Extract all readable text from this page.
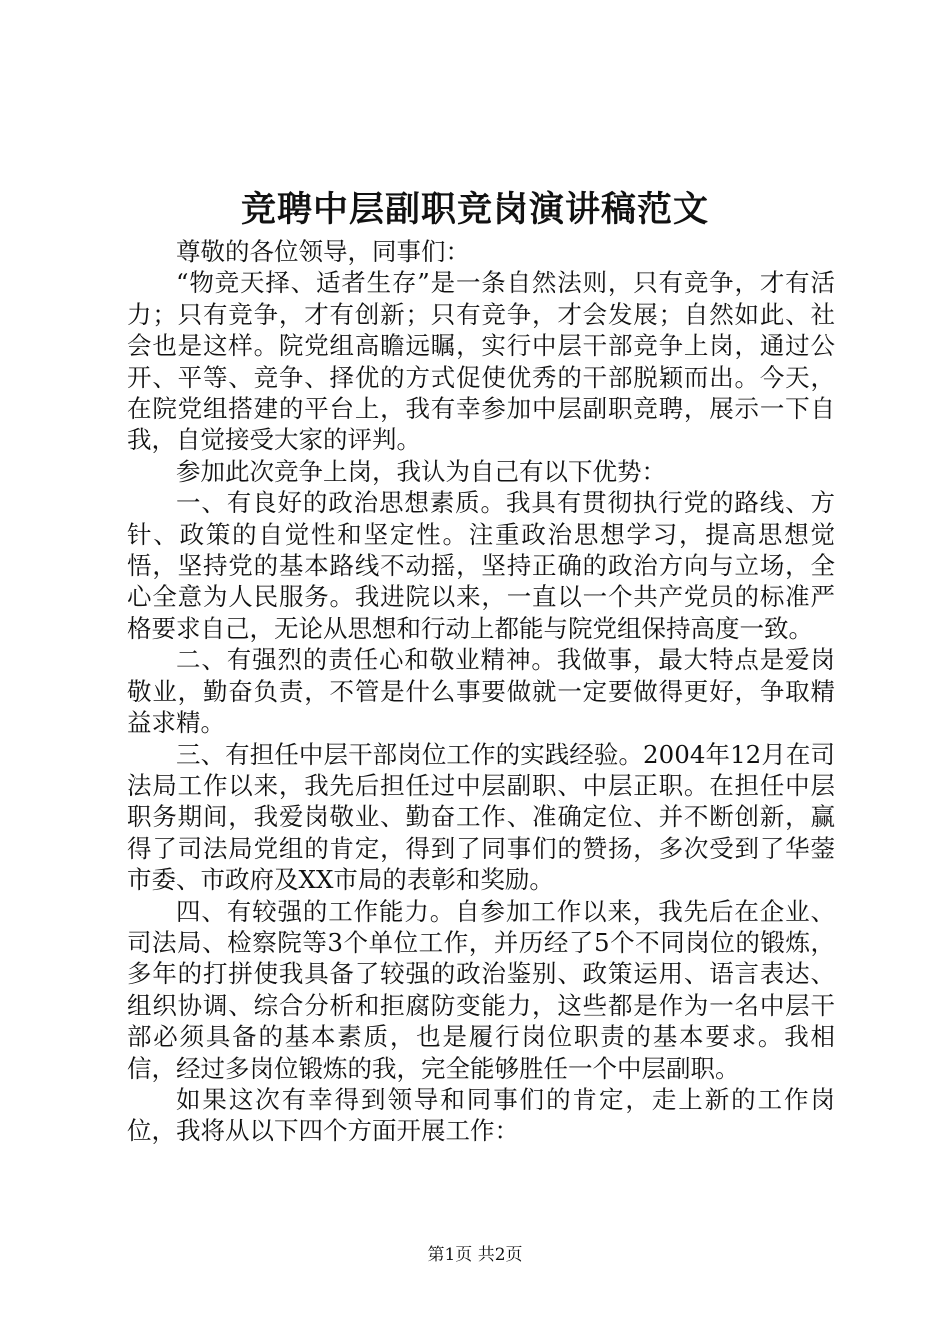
竞聘中层副职竞岗演讲稿范文

尊敬的各位领导，同事们：

“物竞天择、适者生存”是一条自然法则，只有竞争，才有活力；只有竞争，才有创新；只有竞争，才会发展；自然如此、社会也是这样。院党组高瞻远瞩，实行中层干部竞争上岗，通过公开、平等、竞争、择优的方式促使优秀的干部脱颖而出。今天，在院党组搭建的平台上，我有幸参加中层副职竞聘，展示一下自我，自觉接受大家的评判。

参加此次竞争上岗，我认为自己有以下优势：

一、有良好的政治思想素质。我具有贯彻执行党的路线、方针、政策的自觉性和坚定性。注重政治思想学习，提高思想觉悟，坚持党的基本路线不动摇，坚持正确的政治方向与立场，全心全意为人民服务。我进院以来，一直以一个共产党员的标准严格要求自己，无论从思想和行动上都能与院党组保持高度一致。

二、有强烈的责任心和敬业精神。我做事，最大特点是爱岗敬业，勤奋负责，不管是什么事要做就一定要做得更好，争取精益求精。

三、有担任中层干部岗位工作的实践经验。2004年12月在司法局工作以来，我先后担任过中层副职、中层正职。在担任中层职务期间，我爱岗敬业、勤奋工作、准确定位、并不断创新，赢得了司法局党组的肯定，得到了同事们的赞扬，多次受到了华蓥市委、市政府及XX市局的表彰和奖励。

四、有较强的工作能力。自参加工作以来，我先后在企业、司法局、检察院等3个单位工作，并历经了5个不同岗位的锻炼，多年的打拼使我具备了较强的政治鉴别、政策运用、语言表达、组织协调、综合分析和拒腐防变能力，这些都是作为一名中层干部必须具备的基本素质，也是履行岗位职责的基本要求。我相信，经过多岗位锻炼的我，完全能够胜任一个中层副职。

如果这次有幸得到领导和同事们的肯定，走上新的工作岗位，我将从以下四个方面开展工作：

第1页 共2页
